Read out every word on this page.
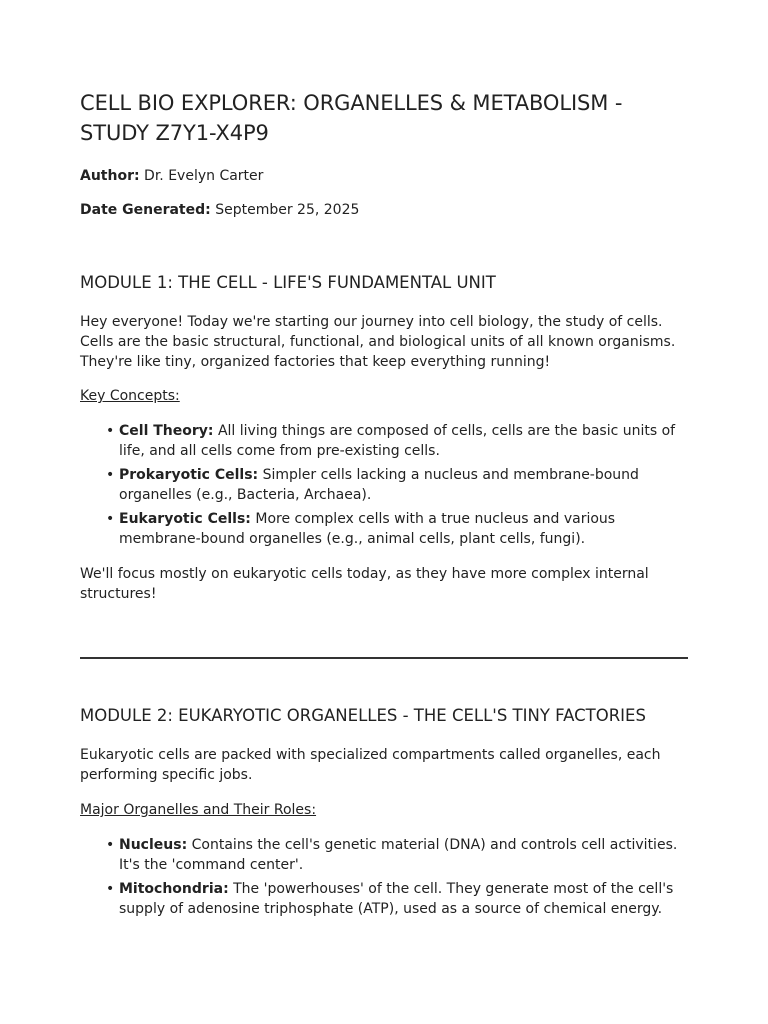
CELL BIO EXPLORER: ORGANELLES & METABOLISM - STUDY Z7Y1-X4P9

Author: Dr. Evelyn Carter

Date Generated: September 25, 2025

MODULE 1: THE CELL - LIFE'S FUNDAMENTAL UNIT

Hey everyone! Today we're starting our journey into cell biology, the study of cells. Cells are the basic structural, functional, and biological units of all known organisms. They're like tiny, organized factories that keep everything running!

Key Concepts:

• Cell Theory: All living things are composed of cells, cells are the basic units of life, and all cells come from pre-existing cells.
• Prokaryotic Cells: Simpler cells lacking a nucleus and membrane-bound organelles (e.g., Bacteria, Archaea).
• Eukaryotic Cells: More complex cells with a true nucleus and various membrane-bound organelles (e.g., animal cells, plant cells, fungi).

We'll focus mostly on eukaryotic cells today, as they have more complex internal structures!

MODULE 2: EUKARYOTIC ORGANELLES - THE CELL'S TINY FACTORIES

Eukaryotic cells are packed with specialized compartments called organelles, each performing specific jobs.

Major Organelles and Their Roles:

• Nucleus: Contains the cell's genetic material (DNA) and controls cell activities. It's the 'command center'.
• Mitochondria: The 'powerhouses' of the cell. They generate most of the cell's supply of adenosine triphosphate (ATP), used as a source of chemical energy.
